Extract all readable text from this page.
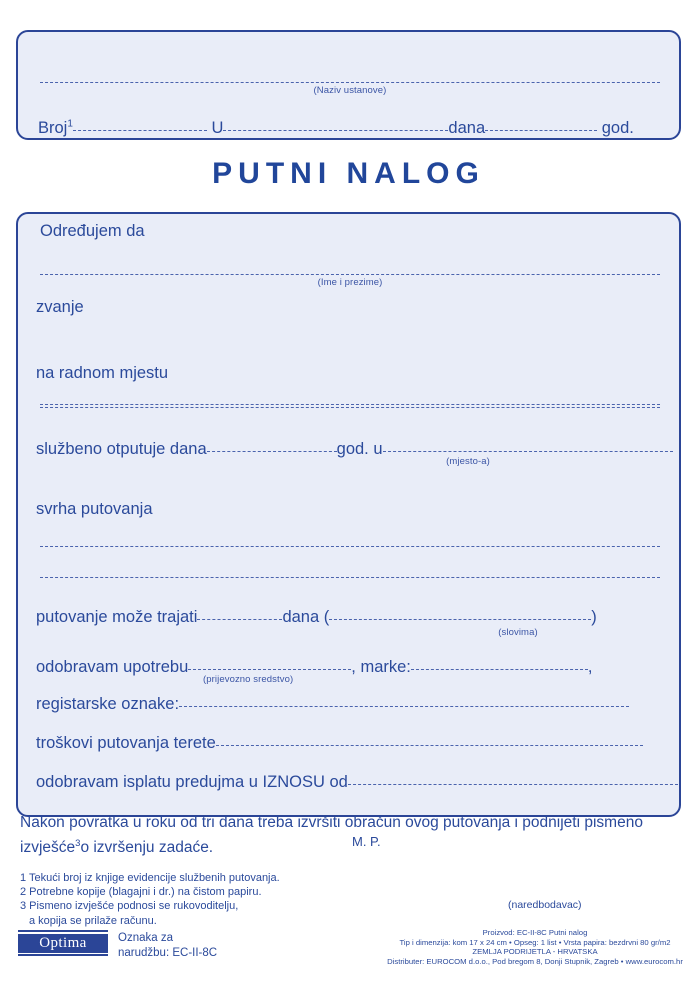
(Naziv ustanove)
Broj$^1$	U	dana	god.
PUTNI NALOG
(Ime i prezime)
(mjesto-a)
(slovima)
(prijevozno sredstvo)
Određujem da
zvanje
na radnom mjestu
službeno otputuje dana	god. u
svrha putovanja
putovanje može trajati	dana (	)
odobravam upotrebu	, marke:	,
registarske oznake:
troškovi putovanja terete
odobravam isplatu predujma u IZNOSU od
Nakon povratka u roku od tri dana treba izvršiti obračun ovog putovanja i podnijeti pismeno
izvješće$^3$o izvršenju zadaće.	M. P.
1 Tekući broj iz knjige evidencije službenih putovanja.
2 Potrebne kopije (blagajni i dr.) na čistom papiru.
3 Pismeno izvješće podnosi se rukovoditelju,
a kopija se prilaže računu.
(naredbodavac)
Optima	Oznaka za
narudžbu: EC-II-8C
Proizvod: EC-II-8C Putni nalog
Tip i dimenzija: kom 17 x 24 cm • Opseg: 1 list • Vrsta papira: bezdrvni 80 gr/m2
ZEMLJA PODRIJETLA - HRVATSKA
Distributer: EUROCOM d.o.o., Pod bregom 8, Donji Stupnik, Zagreb • www.eurocom.hr
